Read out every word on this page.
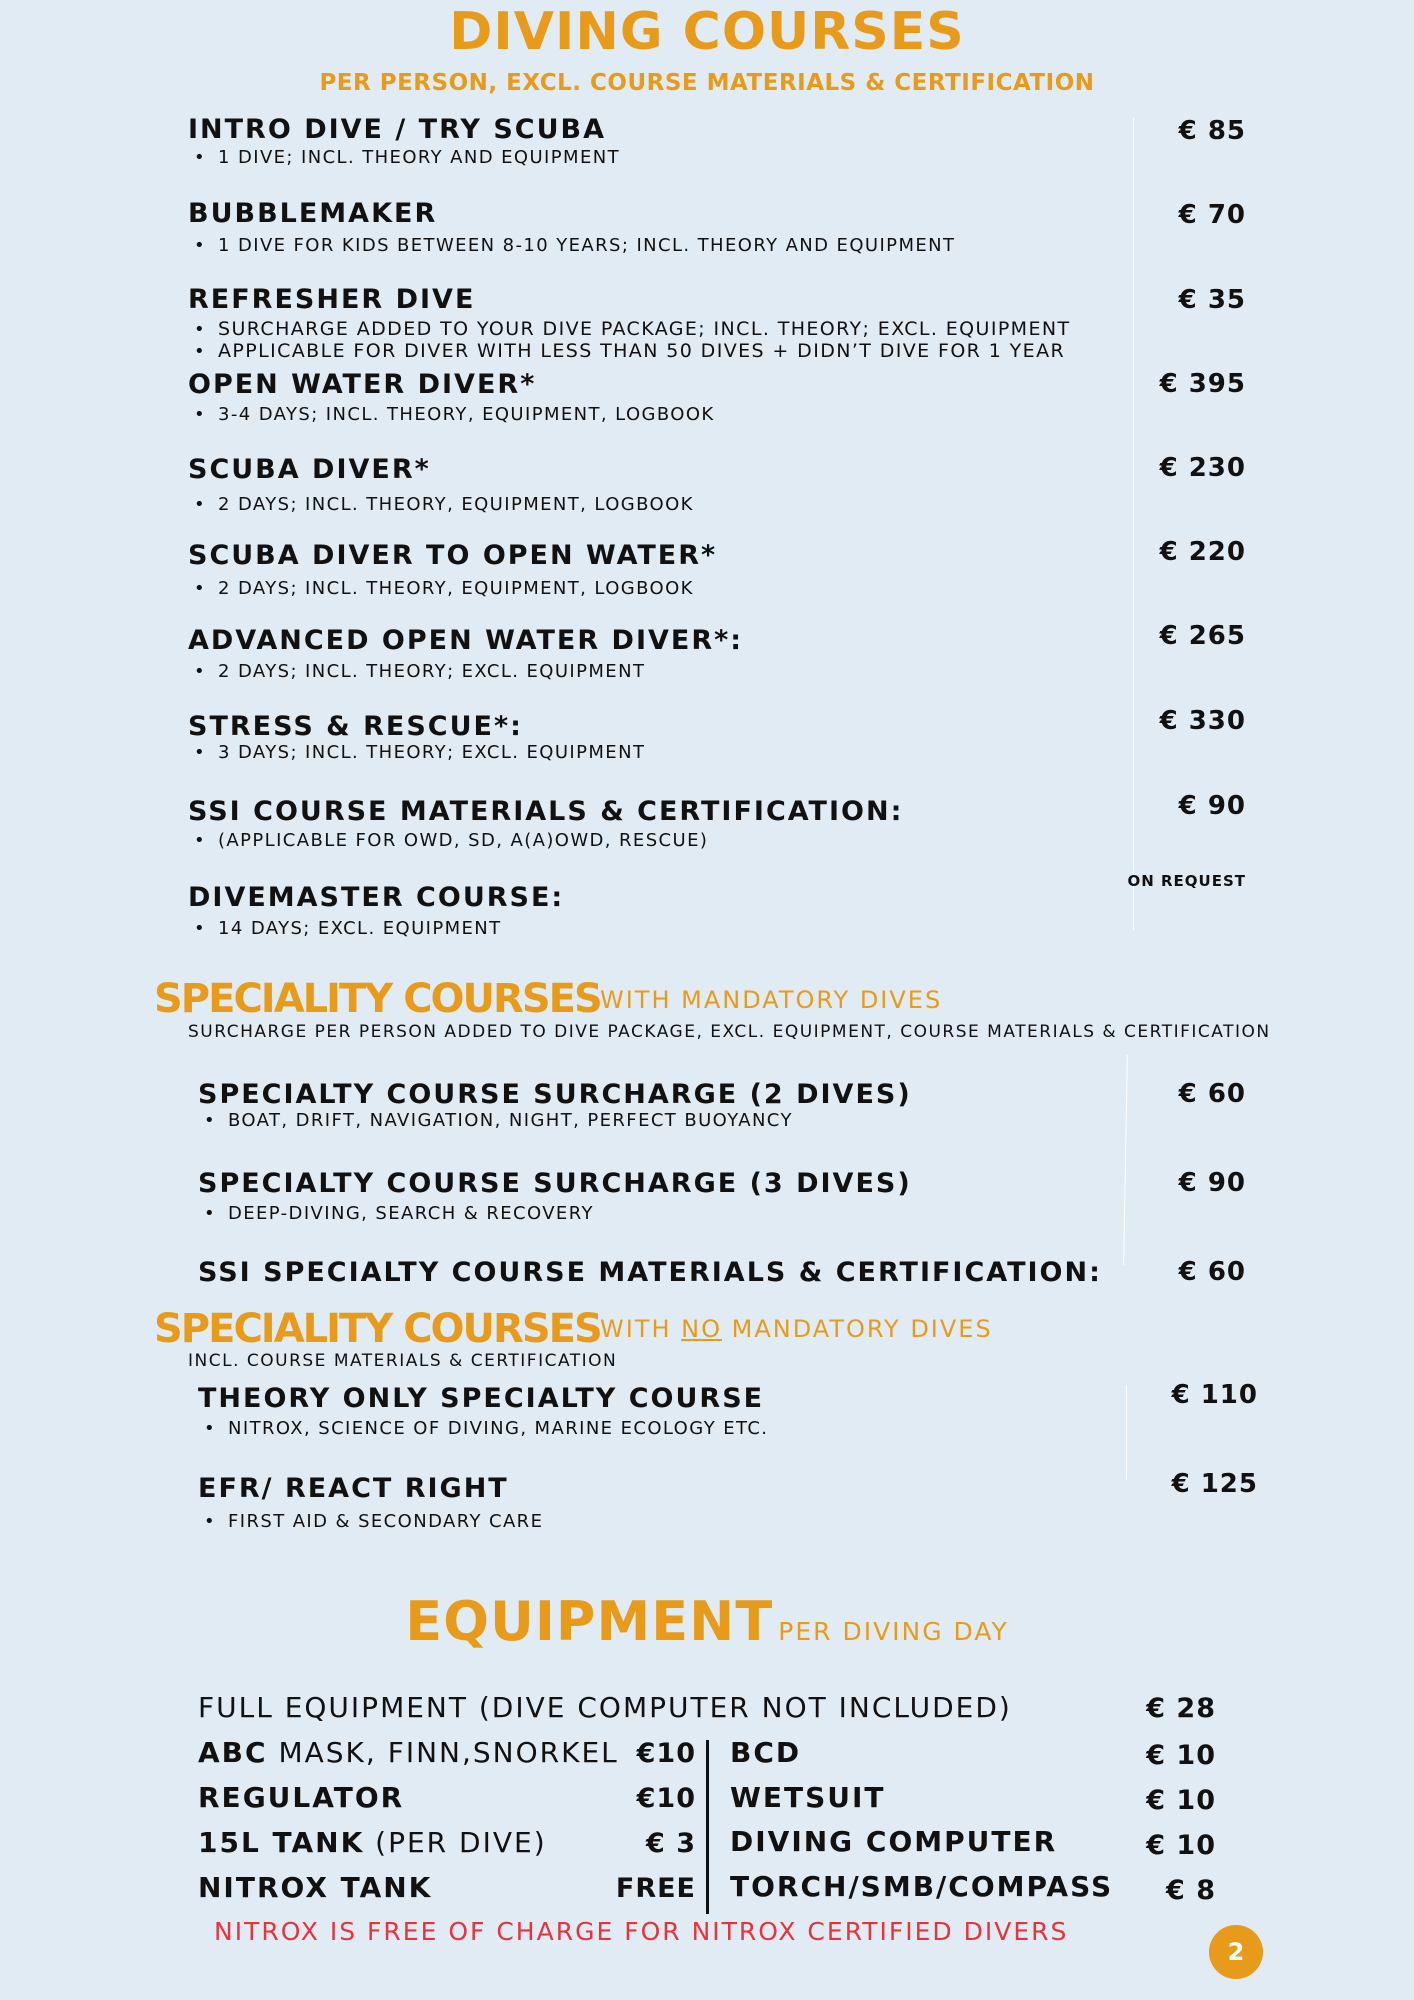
DIVING COURSES
PER PERSON, EXCL. COURSE MATERIALS & CERTIFICATION
INTRO DIVE / TRY SCUBA
• 1 DIVE; INCL. THEORY AND EQUIPMENT
€ 85
BUBBLEMAKER
• 1 DIVE FOR KIDS BETWEEN 8-10 YEARS; INCL. THEORY AND EQUIPMENT
€ 70
REFRESHER DIVE
• SURCHARGE ADDED TO YOUR DIVE PACKAGE; INCL. THEORY; EXCL. EQUIPMENT
• APPLICABLE FOR DIVER WITH LESS THAN 50 DIVES + DIDN’T DIVE FOR 1 YEAR
€ 35
OPEN WATER DIVER*
• 3-4 DAYS; INCL. THEORY, EQUIPMENT, LOGBOOK
€ 395
SCUBA DIVER*
• 2 DAYS; INCL. THEORY, EQUIPMENT, LOGBOOK
€ 230
SCUBA DIVER TO OPEN WATER*
• 2 DAYS; INCL. THEORY, EQUIPMENT, LOGBOOK
€ 220
ADVANCED OPEN WATER DIVER*:
• 2 DAYS; INCL. THEORY; EXCL. EQUIPMENT
€ 265
STRESS & RESCUE*:
• 3 DAYS; INCL. THEORY; EXCL. EQUIPMENT
€ 330
SSI COURSE MATERIALS & CERTIFICATION:
• (APPLICABLE FOR OWD, SD, A(A)OWD, RESCUE)
€ 90
DIVEMASTER COURSE:
• 14 DAYS; EXCL. EQUIPMENT
ON REQUEST
SPECIALITY COURSES WITH MANDATORY DIVES
SURCHARGE PER PERSON ADDED TO DIVE PACKAGE, EXCL. EQUIPMENT, COURSE MATERIALS & CERTIFICATION
SPECIALTY COURSE SURCHARGE (2 DIVES)
• BOAT, DRIFT, NAVIGATION, NIGHT, PERFECT BUOYANCY
€ 60
SPECIALTY COURSE SURCHARGE (3 DIVES)
• DEEP-DIVING, SEARCH & RECOVERY
€ 90
SSI SPECIALTY COURSE MATERIALS & CERTIFICATION:	€ 60
SPECIALITY COURSES WITH NO MANDATORY DIVES
INCL. COURSE MATERIALS & CERTIFICATION
THEORY ONLY SPECIALTY COURSE
• NITROX, SCIENCE OF DIVING, MARINE ECOLOGY ETC.
€ 110
EFR/ REACT RIGHT
• FIRST AID & SECONDARY CARE
€ 125
EQUIPMENT PER DIVING DAY
FULL EQUIPMENT (DIVE COMPUTER NOT INCLUDED)	€ 28
ABC MASK, FINN,SNORKEL €10
REGULATOR	€10
15L TANK (PER DIVE)	€ 3
NITROX TANK	FREE
BCD	€ 10
WETSUIT	€ 10
DIVING COMPUTER	€ 10
TORCH/SMB/COMPASS € 8
NITROX IS FREE OF CHARGE FOR NITROX CERTIFIED DIVERS
2
